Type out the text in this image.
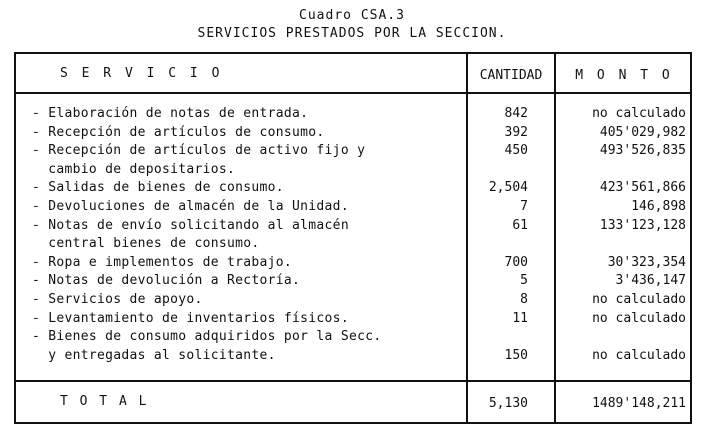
Cuadro CSA.3
SERVICIOS PRESTADOS POR LA SECCION.
S E R V I C I O	CANTIDAD	M O N T O
- Elaboración de notas de entrada.	842	no calculado
- Recepción de artículos de consumo.	392	405'029,982
- Recepción de artículos de activo fijo y	450	493'526,835
cambio de depositarios.
- Salidas de bienes de consumo.	2,504	423'561,866
- Devoluciones de almacén de la Unidad.	7	146,898
- Notas de envío solicitando al almacén	61	133'123,128
central bienes de consumo.
- Ropa e implementos de trabajo.	700	30'323,354
- Notas de devolución a Rectoría.	5	3'436,147
- Servicios de apoyo.	8	no calculado
- Levantamiento de inventarios físicos.	11	no calculado
- Bienes de consumo adquiridos por la Secc.
y entregadas al solicitante.	150	no calculado
T O T A L	5,130	1489'148,211
